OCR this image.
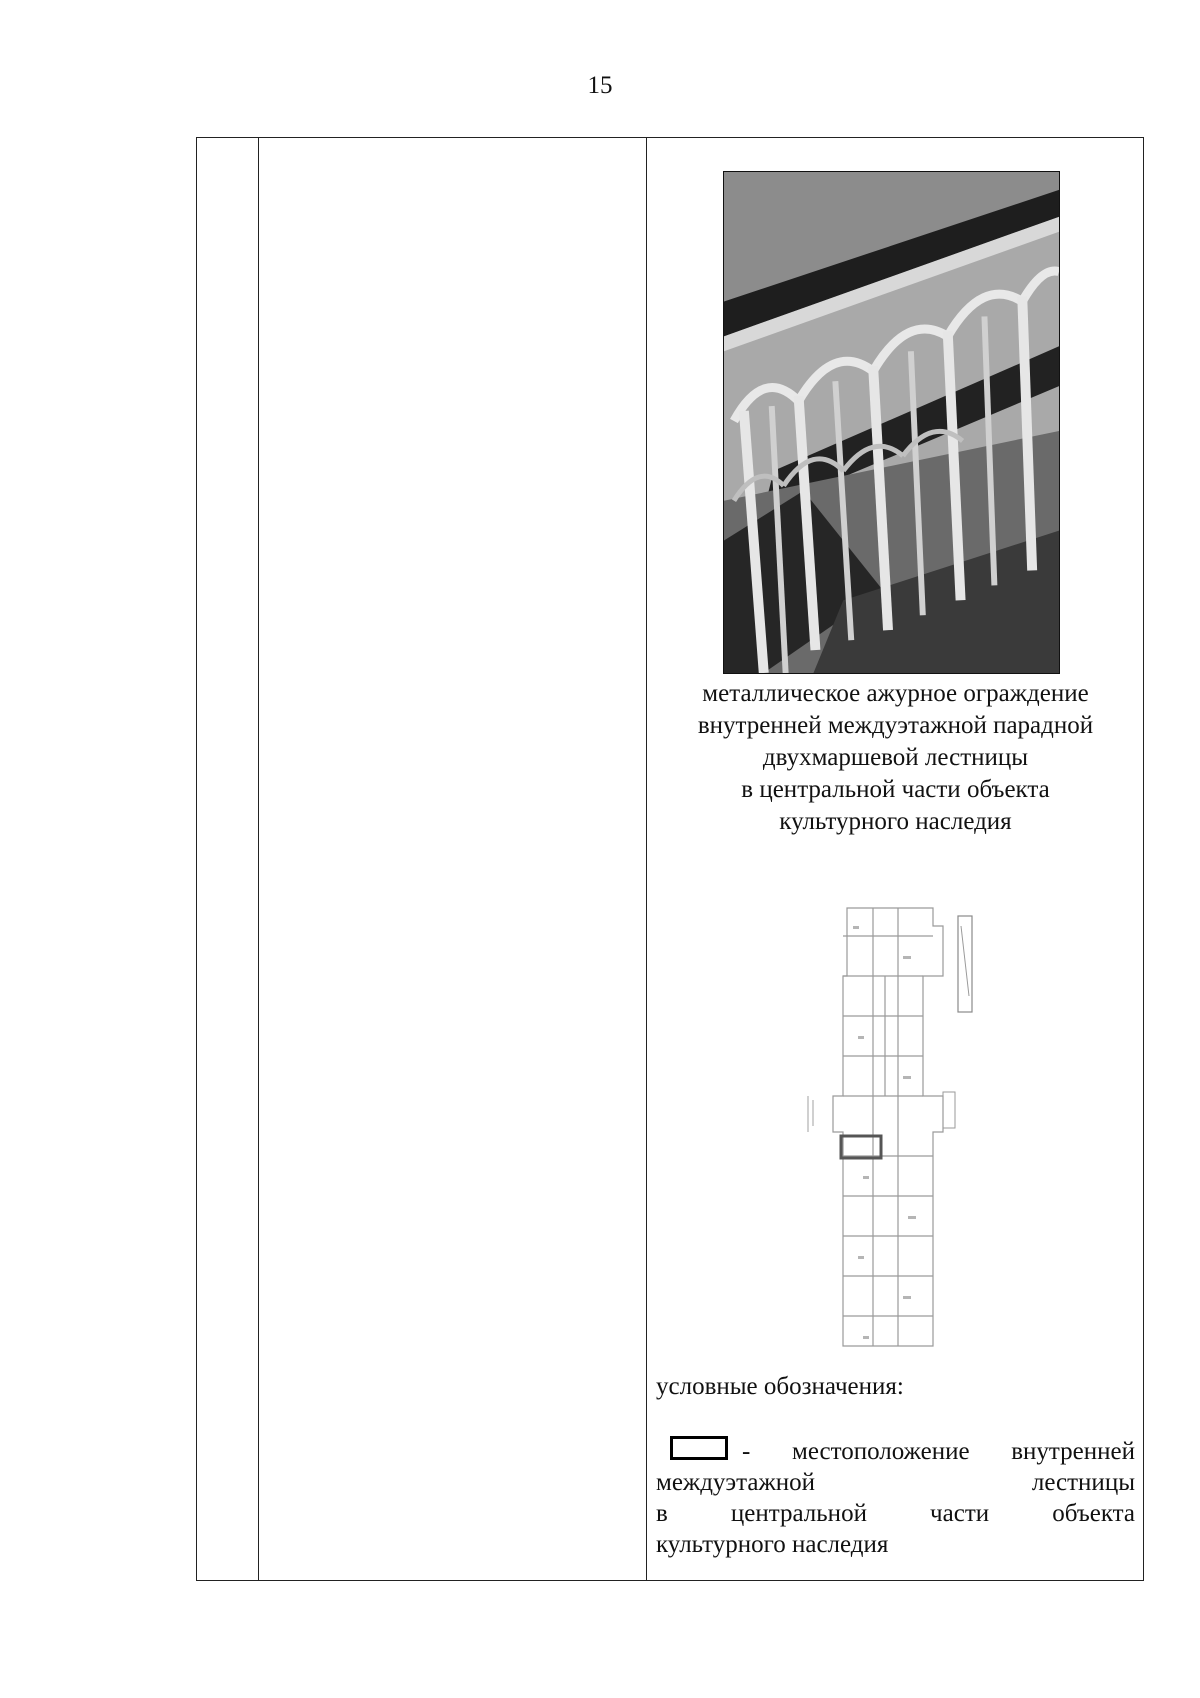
15
металлическое ажурное ограждение
внутренней междуэтажной парадной
двухмаршевой лестницы
в центральной части объекта
культурного наследия
условные обозначения:
- местоположение внутренней
междуэтажной лестницы
в центральной части объекта
культурного наследия
